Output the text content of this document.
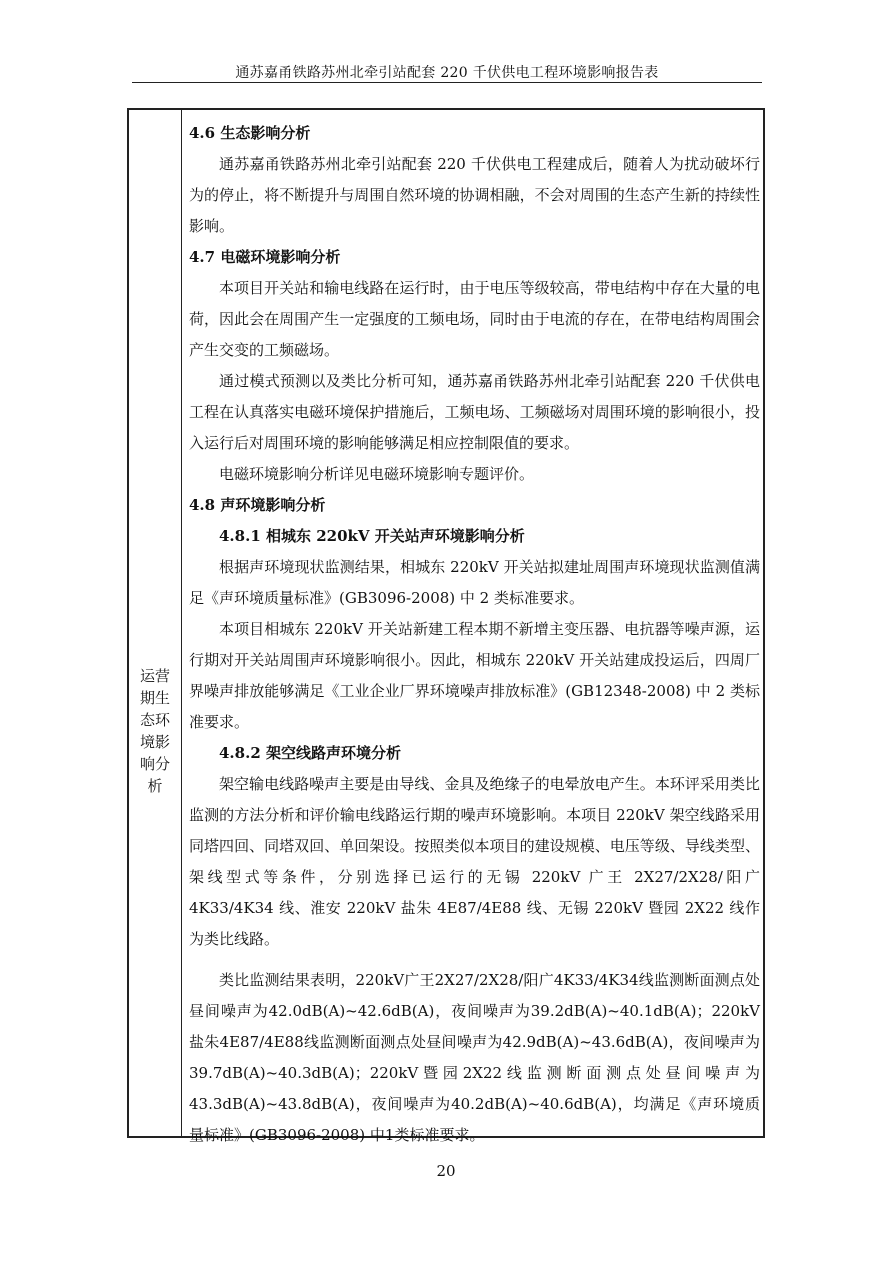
通苏嘉甬铁路苏州北牵引站配套 220 千伏供电工程环境影响报告表
运营期生态环境影响分析
4.6 生态影响分析

通苏嘉甬铁路苏州北牵引站配套 220 千伏供电工程建成后，随着人为扰动破坏行为的停止，将不断提升与周围自然环境的协调相融，不会对周围的生态产生新的持续性影响。

4.7 电磁环境影响分析

本项目开关站和输电线路在运行时，由于电压等级较高，带电结构中存在大量的电荷，因此会在周围产生一定强度的工频电场，同时由于电流的存在，在带电结构周围会产生交变的工频磁场。

通过模式预测以及类比分析可知，通苏嘉甬铁路苏州北牵引站配套 220 千伏供电工程在认真落实电磁环境保护措施后，工频电场、工频磁场对周围环境的影响很小，投入运行后对周围环境的影响能够满足相应控制限值的要求。

电磁环境影响分析详见电磁环境影响专题评价。

4.8 声环境影响分析
4.8.1 相城东 220kV 开关站声环境影响分析

根据声环境现状监测结果，相城东 220kV 开关站拟建址周围声环境现状监测值满足《声环境质量标准》(GB3096-2008) 中 2 类标准要求。

本项目相城东 220kV 开关站新建工程本期不新增主变压器、电抗器等噪声源，运行期对开关站周围声环境影响很小。因此，相城东 220kV 开关站建成投运后，四周厂界噪声排放能够满足《工业企业厂界环境噪声排放标准》(GB12348-2008) 中 2 类标准要求。

4.8.2 架空线路声环境分析

架空输电线路噪声主要是由导线、金具及绝缘子的电晕放电产生。本环评采用类比监测的方法分析和评价输电线路运行期的噪声环境影响。本项目 220kV 架空线路采用同塔四回、同塔双回、单回架设。按照类似本项目的建设规模、电压等级、导线类型、架线型式等条件，分别选择已运行的无锡 220kV 广王 2X27/2X28/阳广 4K33/4K34 线、淮安 220kV 盐朱 4E87/4E88 线、无锡 220kV 暨园 2X22 线作为类比线路。

类比监测结果表明，220kV广王2X27/2X28/阳广4K33/4K34线监测断面测点处昼间噪声为42.0dB(A)~42.6dB(A)，夜间噪声为39.2dB(A)~40.1dB(A)；220kV盐朱4E87/4E88线监测断面测点处昼间噪声为42.9dB(A)~43.6dB(A)，夜间噪声为39.7dB(A)~40.3dB(A)；220kV暨园2X22线监测断面测点处昼间噪声为43.3dB(A)~43.8dB(A)，夜间噪声为40.2dB(A)~40.6dB(A)，均满足《声环境质量标准》(GB3096-2008) 中1类标准要求。

20
